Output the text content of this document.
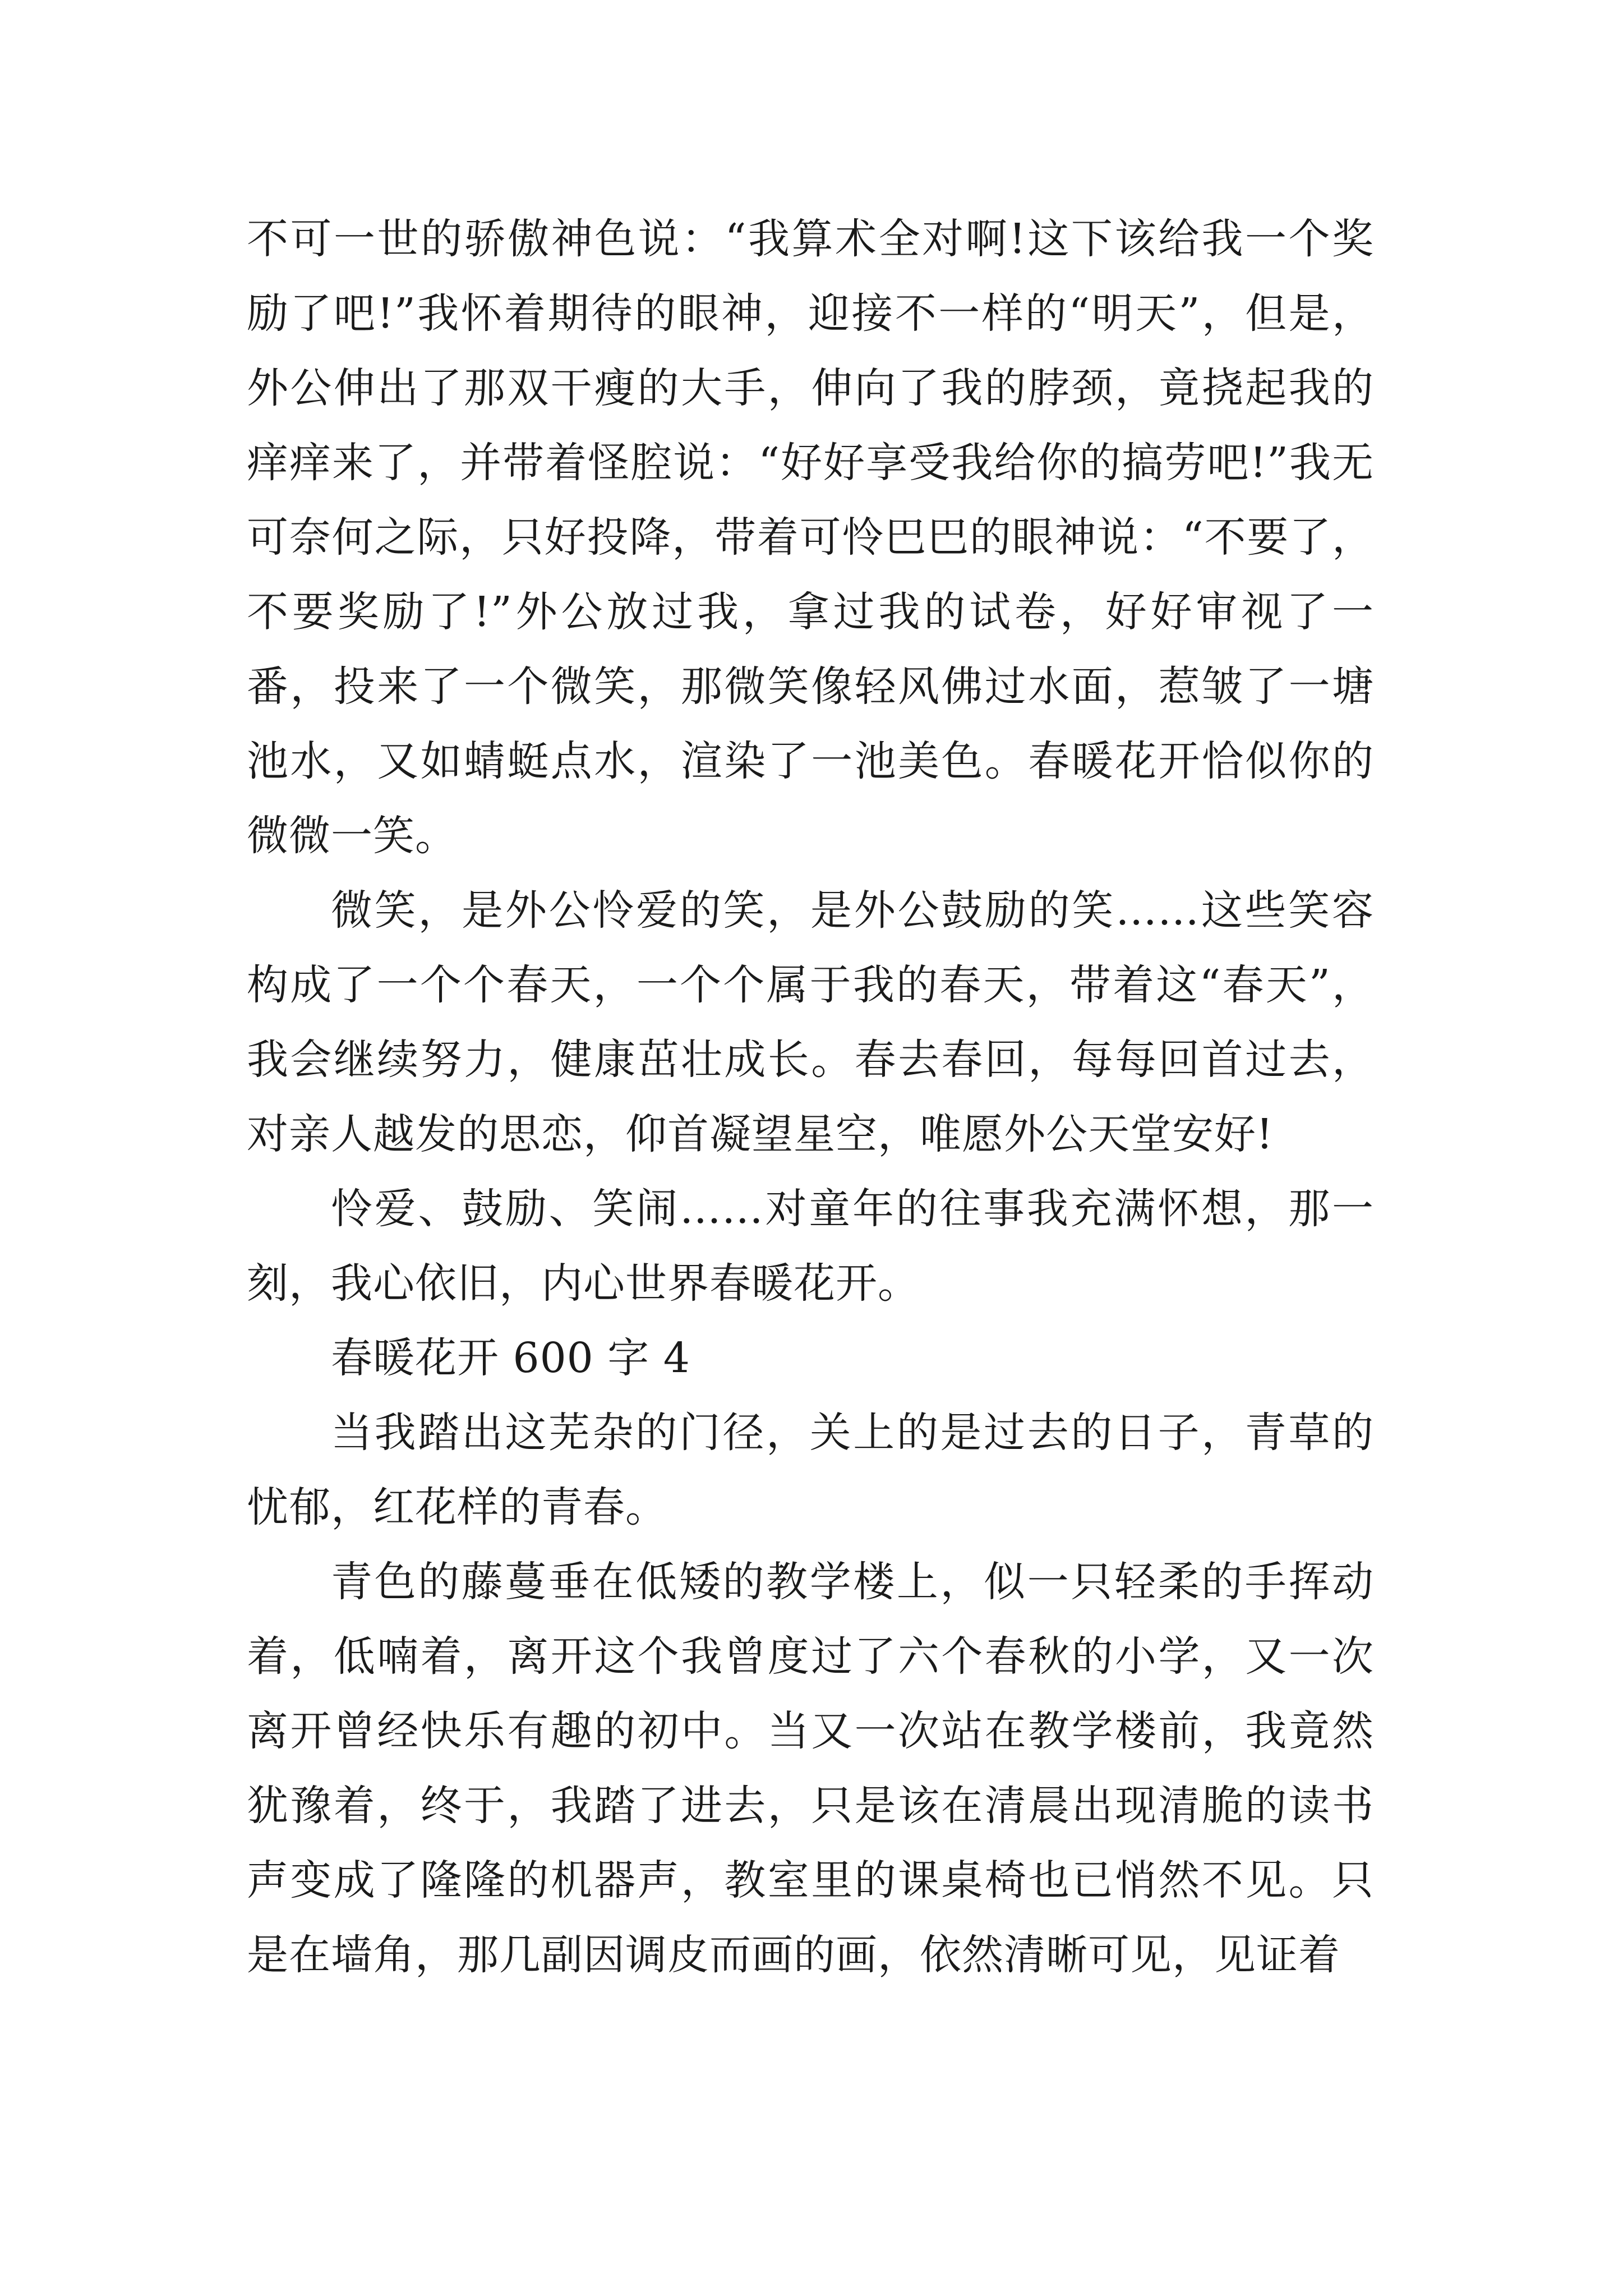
不可一世的骄傲神色说：“我算术全对啊!这下该给我一个奖励了吧!”我怀着期待的眼神，迎接不一样的“明天”，但是，外公伸出了那双干瘦的大手，伸向了我的脖颈，竟挠起我的痒痒来了，并带着怪腔说：“好好享受我给你的搞劳吧!”我无可奈何之际，只好投降，带着可怜巴巴的眼神说：“不要了，不要奖励了!”外公放过我，拿过我的试卷，好好审视了一番，投来了一个微笑，那微笑像轻风佛过水面，惹皱了一塘池水，又如蜻蜓点水，渲染了一池美色。春暖花开恰似你的微微一笑。

微笑，是外公怜爱的笑，是外公鼓励的笑……这些笑容构成了一个个春天，一个个属于我的春天，带着这“春天”，我会继续努力，健康茁壮成长。春去春回，每每回首过去，对亲人越发的思恋，仰首凝望星空，唯愿外公天堂安好!

怜爱、鼓励、笑闹……对童年的往事我充满怀想，那一刻，我心依旧，内心世界春暖花开。

春暖花开 600 字 4

当我踏出这芜杂的门径，关上的是过去的日子，青草的忧郁，红花样的青春。

青色的藤蔓垂在低矮的教学楼上，似一只轻柔的手挥动着，低喃着，离开这个我曾度过了六个春秋的小学，又一次离开曾经快乐有趣的初中。当又一次站在教学楼前，我竟然犹豫着，终于，我踏了进去，只是该在清晨出现清脆的读书声变成了隆隆的机器声，教室里的课桌椅也已悄然不见。只是在墙角，那几副因调皮而画的画，依然清晰可见，见证着
